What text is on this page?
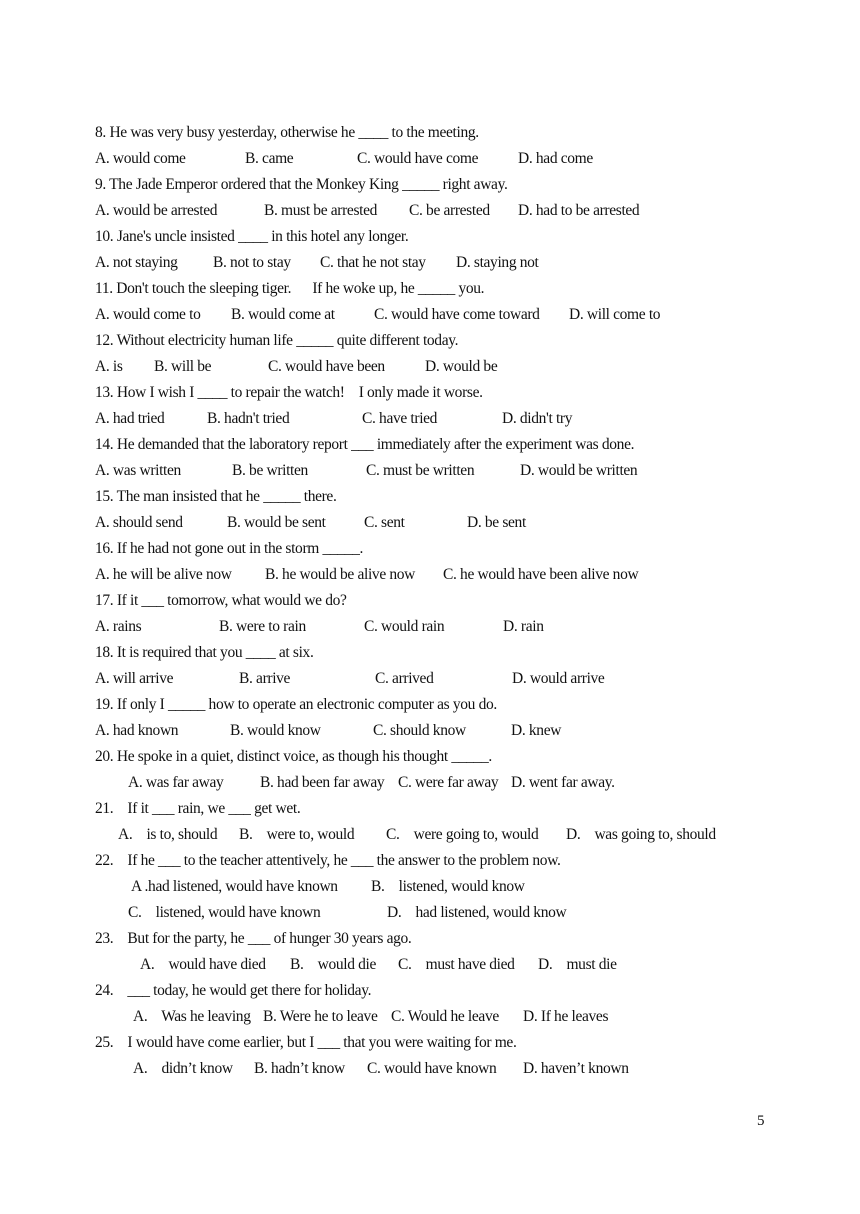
8. He was very busy yesterday, otherwise he ____ to the meeting.
A. would come	B. came	C. would have come	D. had come
9. The Jade Emperor ordered that the Monkey King _____ right away.
A. would be arrested	B. must be arrested C. be arrested D. had to be arrested
10. Jane's uncle insisted ____ in this hotel any longer.
A. not staying B. not to stay C. that he not stay D. staying not
11. Don't touch the sleeping tiger.      If he woke up, he _____ you.
A. would come to B. would come at	C. would have come toward D. will come to
12. Without electricity human life _____ quite different today.
A. is B. will be	C. would have been	D. would be
13. How I wish I ____ to repair the watch!    I only made it worse.
A. had tried	B. hadn't tried	C. have tried	D. didn't try
14. He demanded that the laboratory report ___ immediately after the experiment was done.
A. was written	B. be written	C. must be written	D. would be written
15. The man insisted that he _____ there.
A. should send	B. would be sent C. sent	D. be sent
16. If he had not gone out in the storm _____.
A. he will be alive now B. he would be alive now C. he would have been alive now
17. If it ___ tomorrow, what would we do?
A. rains	B. were to rain	C. would rain	D. rain
18. It is required that you ____ at six.
A. will arrive	B. arrive	C. arrived	D. would arrive
19. If only I _____ how to operate an electronic computer as you do.
A. had known	B. would know	C. should know	D. knew
20. He spoke in a quiet, distinct voice, as though his thought _____.
A. was far away B. had been far away C. were far away D. went far away.
21.    If it ___ rain, we ___ get wet.
A.    is to, should B.    were to, would C.    were going to, would D.    was going to, should
22.    If he ___ to the teacher attentively, he ___ the answer to the problem now.
A .had listened, would have known B.    listened, would know
C.    listened, would have known	D.    had listened, would know
23.    But for the party, he ___ of hunger 30 years ago.
A.    would have died B.    would die C.    must have died D.    must die
24.    ___ today, he would get there for holiday.
A.    Was he leaving B. Were he to leave C. Would he leave D. If he leaves
25.    I would have come earlier, but I ___ that you were waiting for me.
A.    didn’t know B. hadn’t know C. would have known D. haven’t known
5
